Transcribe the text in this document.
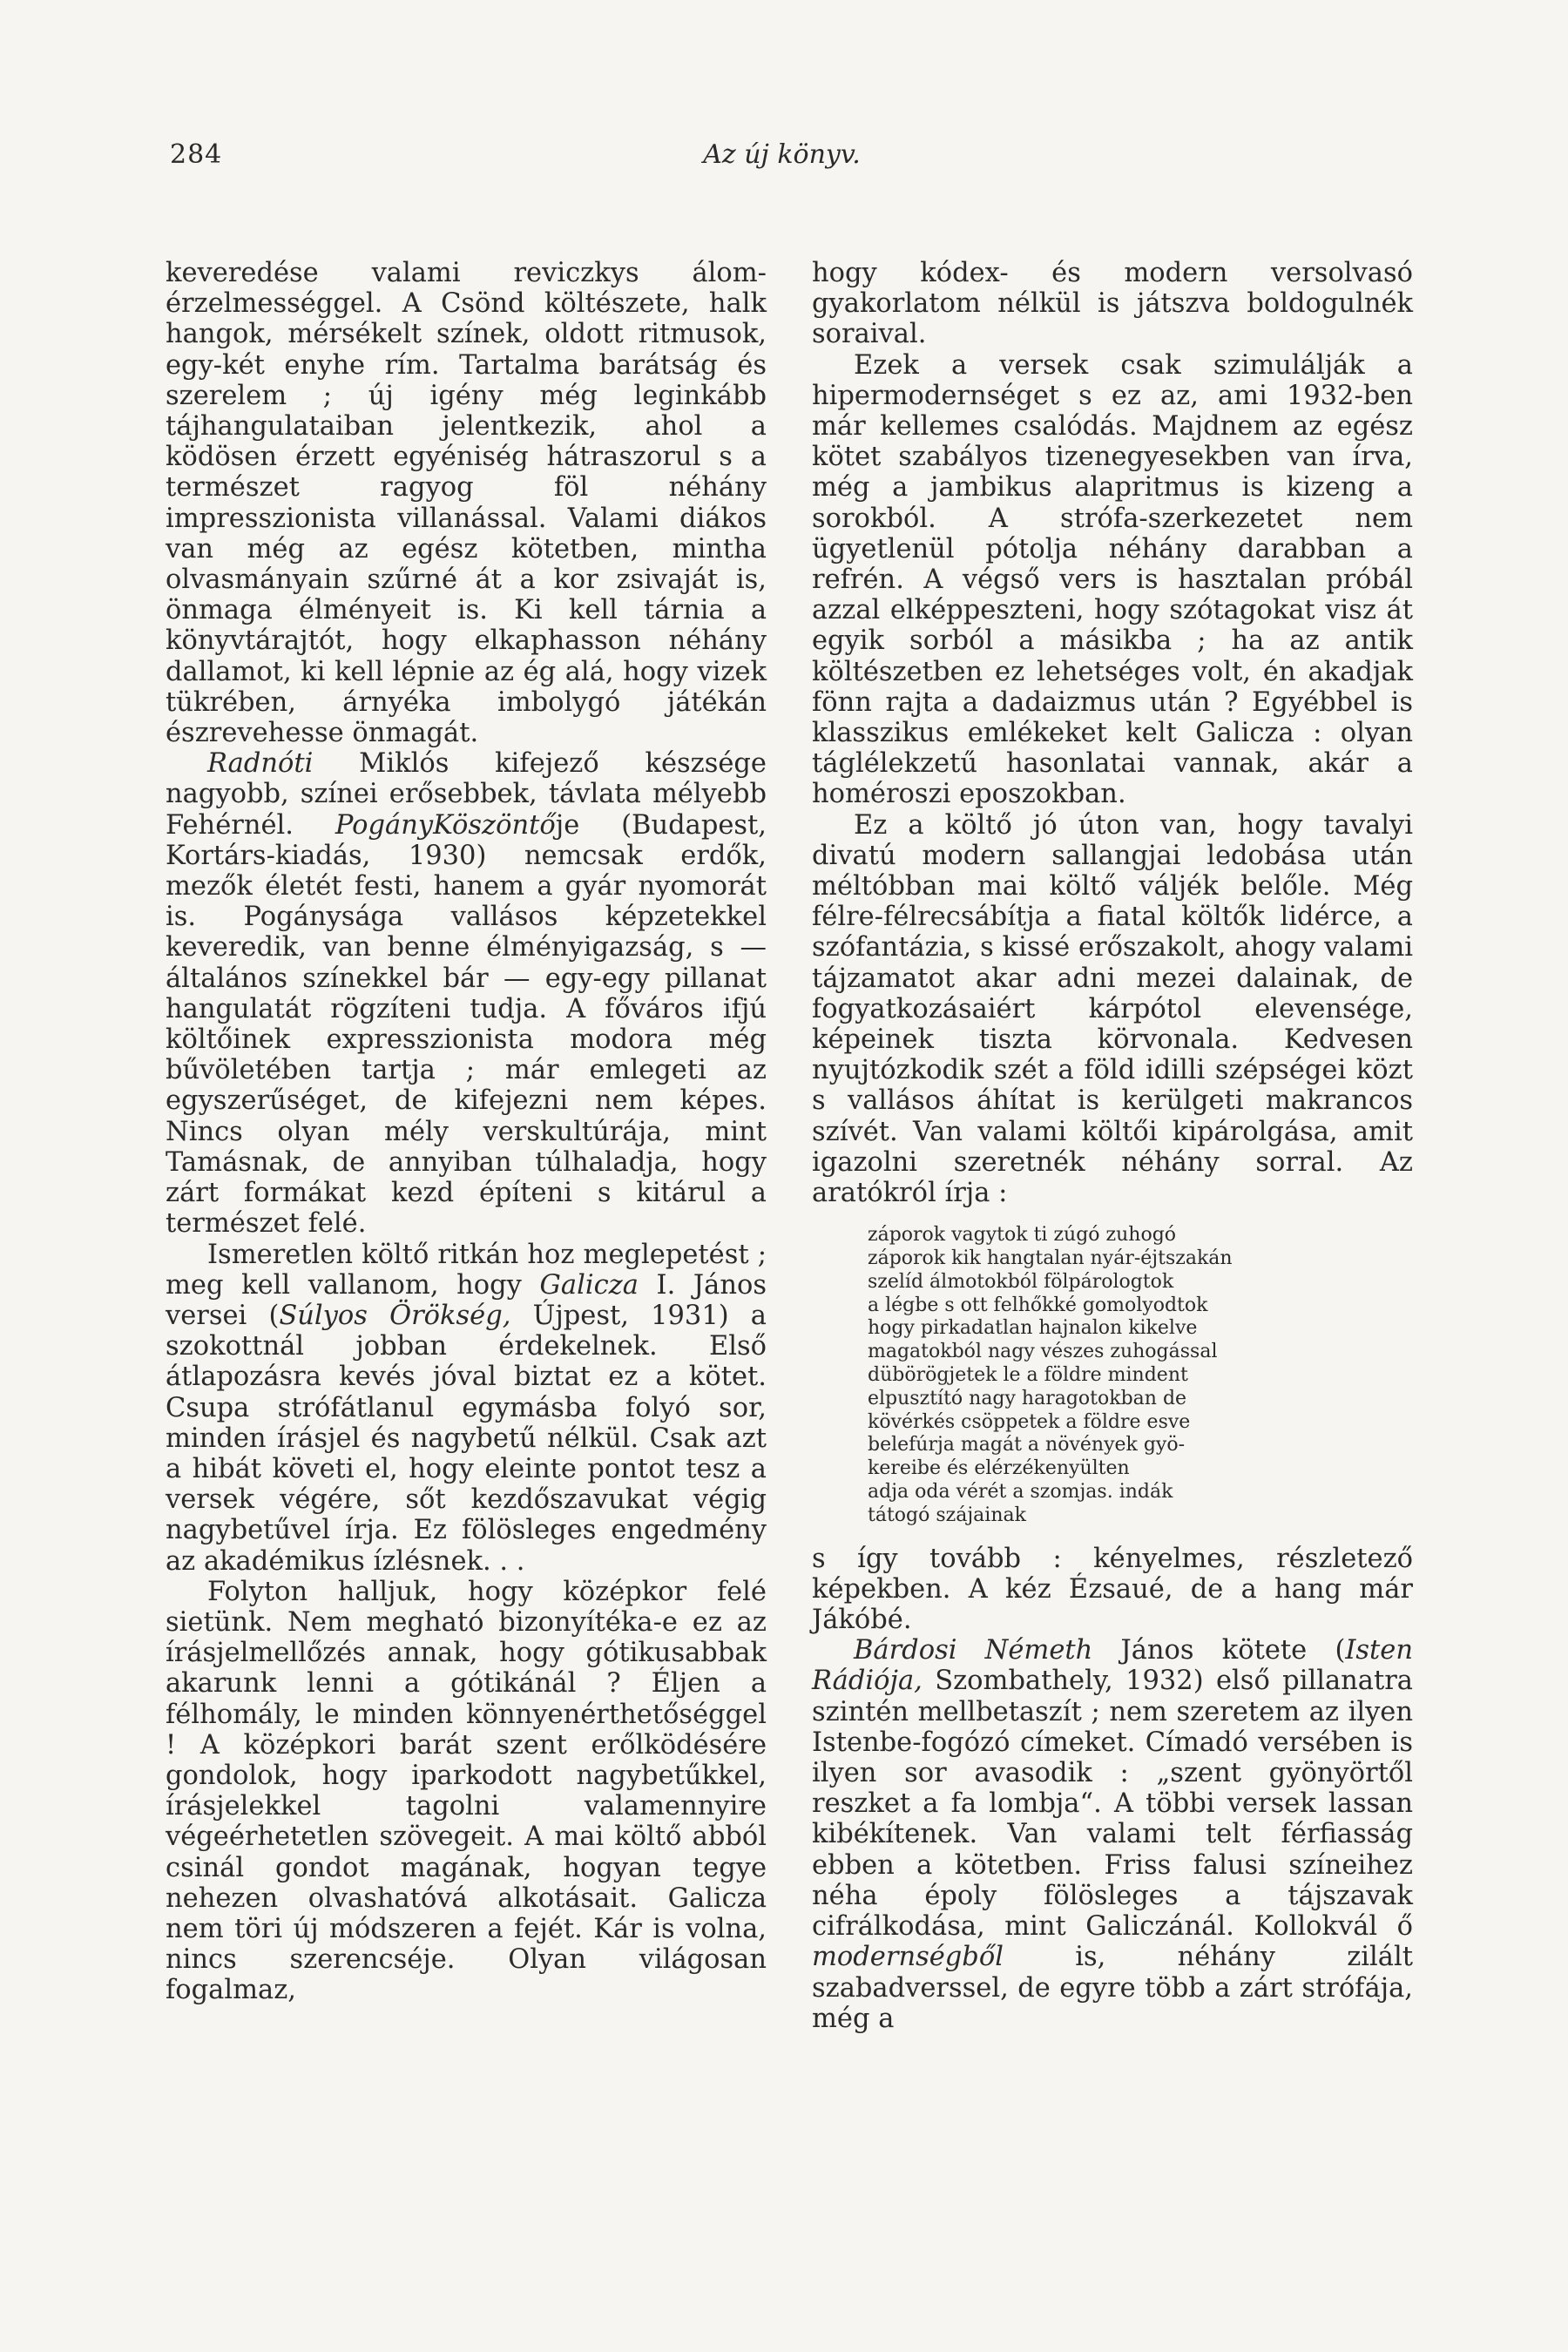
284	Az új könyv.

keveredése valami reviczkys álom-érzelmességgel. A Csönd költészete, halk hangok, mérsékelt színek, oldott ritmusok, egy-két enyhe rím. Tartalma barátság és szerelem ; új igény még leginkább tájhangulataiban jelentkezik, ahol a ködösen érzett egyéniség hátraszorul s a természet ragyog föl néhány impresszionista villanással. Valami diákos van még az egész kötetben, mintha olvasmányain szűrné át a kor zsivaját is, önmaga élményeit is. Ki kell tárnia a könyvtárajtót, hogy elkaphasson néhány dallamot, ki kell lépnie az ég alá, hogy vizek tükrében, árnyéka imbolygó játékán észrevehesse önmagát.

Radnóti Miklós kifejező készsége nagyobb, színei erősebbek, távlata mélyebb Fehérnél. PogányKöszöntője (Budapest, Kortárs-kiadás, 1930) nemcsak erdők, mezők életét festi, hanem a gyár nyomorát is. Pogánysága vallásos képzetekkel keveredik, van benne élményigazság, s — általános színekkel bár — egy-egy pillanat hangulatát rögzíteni tudja. A főváros ifjú költőinek expresszionista modora még bűvöletében tartja ; már emlegeti az egyszerűséget, de kifejezni nem képes. Nincs olyan mély verskultúrája, mint Tamásnak, de annyiban túlhaladja, hogy zárt formákat kezd építeni s kitárul a természet felé.

Ismeretlen költő ritkán hoz meglepetést ; meg kell vallanom, hogy Galicza I. János versei (Súlyos Örökség, Újpest, 1931) a szokottnál jobban érdekelnek. Első átlapozásra kevés jóval biztat ez a kötet. Csupa strófátlanul egymásba folyó sor, minden írásjel és nagybetű nélkül. Csak azt a hibát követi el, hogy eleinte pontot tesz a versek végére, sőt kezdőszavukat végig nagybetűvel írja. Ez fölösleges engedmény az akadémikus ízlésnek. . .

Folyton halljuk, hogy középkor felé sietünk. Nem megható bizonyítéka-e ez az írásjelmellőzés annak, hogy gótikusabbak akarunk lenni a gótikánál ? Éljen a félhomály, le minden könnyenérthetőséggel ! A középkori barát szent erőlködésére gondolok, hogy iparkodott nagybetűkkel, írásjelekkel tagolni valamennyire végeérhetetlen szövegeit. A mai költő abból csinál gondot magának, hogyan tegye nehezen olvashatóvá alkotásait. Galicza nem töri új módszeren a fejét. Kár is volna, nincs szerencséje. Olyan világosan fogalmaz,

hogy kódex- és modern versolvasó gyakorlatom nélkül is játszva boldogulnék soraival.

Ezek a versek csak szimulálják a hipermodernséget s ez az, ami 1932-ben már kellemes csalódás. Majdnem az egész kötet szabályos tizenegyesekben van írva, még a jambikus alapritmus is kizeng a sorokból. A strófa-szerkezetet nem ügyetlenül pótolja néhány darabban a refrén. A végső vers is hasztalan próbál azzal elképpeszteni, hogy szótagokat visz át egyik sorból a másikba ; ha az antik költészetben ez lehetséges volt, én akadjak fönn rajta a dadaizmus után ? Egyébbel is klasszikus emlékeket kelt Galicza : olyan táglélekzetű hasonlatai vannak, akár a homéroszi eposzokban.

Ez a költő jó úton van, hogy tavalyi divatú modern sallangjai ledobása után méltóbban mai költő váljék belőle. Még félre-félrecsábítja a fiatal költők lidérce, a szófantázia, s kissé erőszakolt, ahogy valami tájzamatot akar adni mezei dalainak, de fogyatkozásaiért kárpótol elevensége, képeinek tiszta körvonala. Kedvesen nyujtózkodik szét a föld idilli szépségei közt s vallásos áhítat is kerülgeti makrancos szívét. Van valami költői kipárolgása, amit igazolni szeretnék néhány sorral. Az aratókról írja :

záporok vagytok ti zúgó zuhogó
záporok kik hangtalan nyár-éjtszakán
szelíd álmotokból fölpárologtok
a légbe s ott felhőkké gomolyodtok
hogy pirkadatlan hajnalon kikelve
magatokból nagy vészes zuhogással
dübörögjetek le a földre mindent
elpusztító nagy haragotokban de
kövérkés csöppetek a földre esve
belefúrja magát a növények gyö-
kereibe és elérzékenyülten
adja oda vérét a szomjas. indák
tátogó szájainak

s így tovább : kényelmes, részletező képekben. A kéz Ézsaué, de a hang már Jákóbé.

Bárdosi Németh János kötete (Isten Rádiója, Szombathely, 1932) első pillanatra szintén mellbetaszít ; nem szeretem az ilyen Istenbe-fogózó címeket. Címadó versében is ilyen sor avasodik : „szent gyönyörtől reszket a fa lombja“. A többi versek lassan kibékítenek. Van valami telt férfiasság ebben a kötetben. Friss falusi színeihez néha époly fölösleges a tájszavak cifrálkodása, mint Galiczánál. Kollokvál ő modernségből is, néhány zilált szabadverssel, de egyre több a zárt strófája, még a
